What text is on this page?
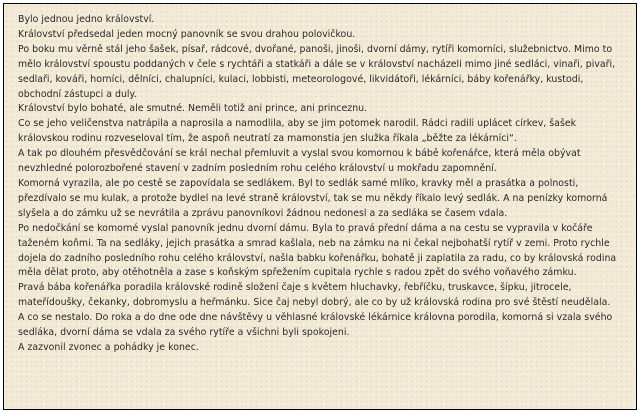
Bylo jednou jedno království.

Království předsedal jeden mocný panovník se svou drahou polovičkou.

Po boku mu věrně stál jeho šašek, písař, rádcové, dvořané, panoši, jinoši, dvorní dámy, rytíři komorníci, služebnictvo. Mimo to mělo království spoustu poddaných v čele s rychtáři a statkáři a dále se v království nacházeli mimo jiné sedláci, vinaři, pivaři, sedlaři, kováři, horníci, dělníci, chalupníci, kulaci, lobbisti, meteorologové, likvidátoři, lékárníci, báby kořenářky, kustodi, obchodní zástupci a duly.

Království bylo bohaté, ale smutné. Neměli totiž ani prince, ani princeznu.

Co se jeho veličenstva natrápila a naprosila a namodlila, aby se jim potomek narodil. Rádci radili uplácet církev, šašek královskou rodinu rozveseloval tím, že aspoň neutratí za mamonstia jen služka říkala „běžte za lékárníci“.

A tak po dlouhém přesvědčování se král nechal přemluvit a vyslal svou komornou k bábě kořenářce, která měla obývat nevzhledné polorozbořené stavení v zadním posledním rohu celého království u mokřadu zapomnění.

Komorná vyrazila, ale po cestě se zapovídala se sedlákem. Byl to sedlák samé mlíko, kravky měl a prasátka a polnosti, přezdívalo se mu kulak, a protože bydlel na levé straně království, tak se mu někdy říkalo levý sedlák. A na penízky komorná slyšela a do zámku už se nevrátila a zprávu panovníkovi žádnou nedonesl a za sedláka se časem vdala.

Po nedočkání se komorné vyslal panovník jednu dvorní dámu. Byla to pravá přední dáma a na cestu se vypravila v kočáře taženém koňmi. Ta na sedláky, jejich prasátka a smrad kašlala, neb na zámku na ni čekal nejbohatší rytíř v zemi. Proto rychle dojela do zadního posledního rohu celého království, našla babku kořenářku, bohatě ji zaplatila za radu, co by královská rodina měla dělat proto, aby otěhotněla a zase s koňským spřežením cupitala rychle s radou zpět do svého voňavého zámku.

Pravá bába kořenářka poradila královské rodině složení čaje s květem hluchavky, řebříčku, truskavce, šípku, jitrocele, mateřídoušky, čekanky, dobromyslu a heřmánku. Sice čaj nebyl dobrý, ale co by už královská rodina pro své štěstí neudělala.

A co se nestalo. Do roka a do dne ode dne návštěvy u věhlasné královské lékárnice královna porodila, komorná si vzala svého sedláka, dvorní dáma se vdala za svého rytíře a všichni byli spokojeni.

A zazvonil zvonec a pohádky je konec.
